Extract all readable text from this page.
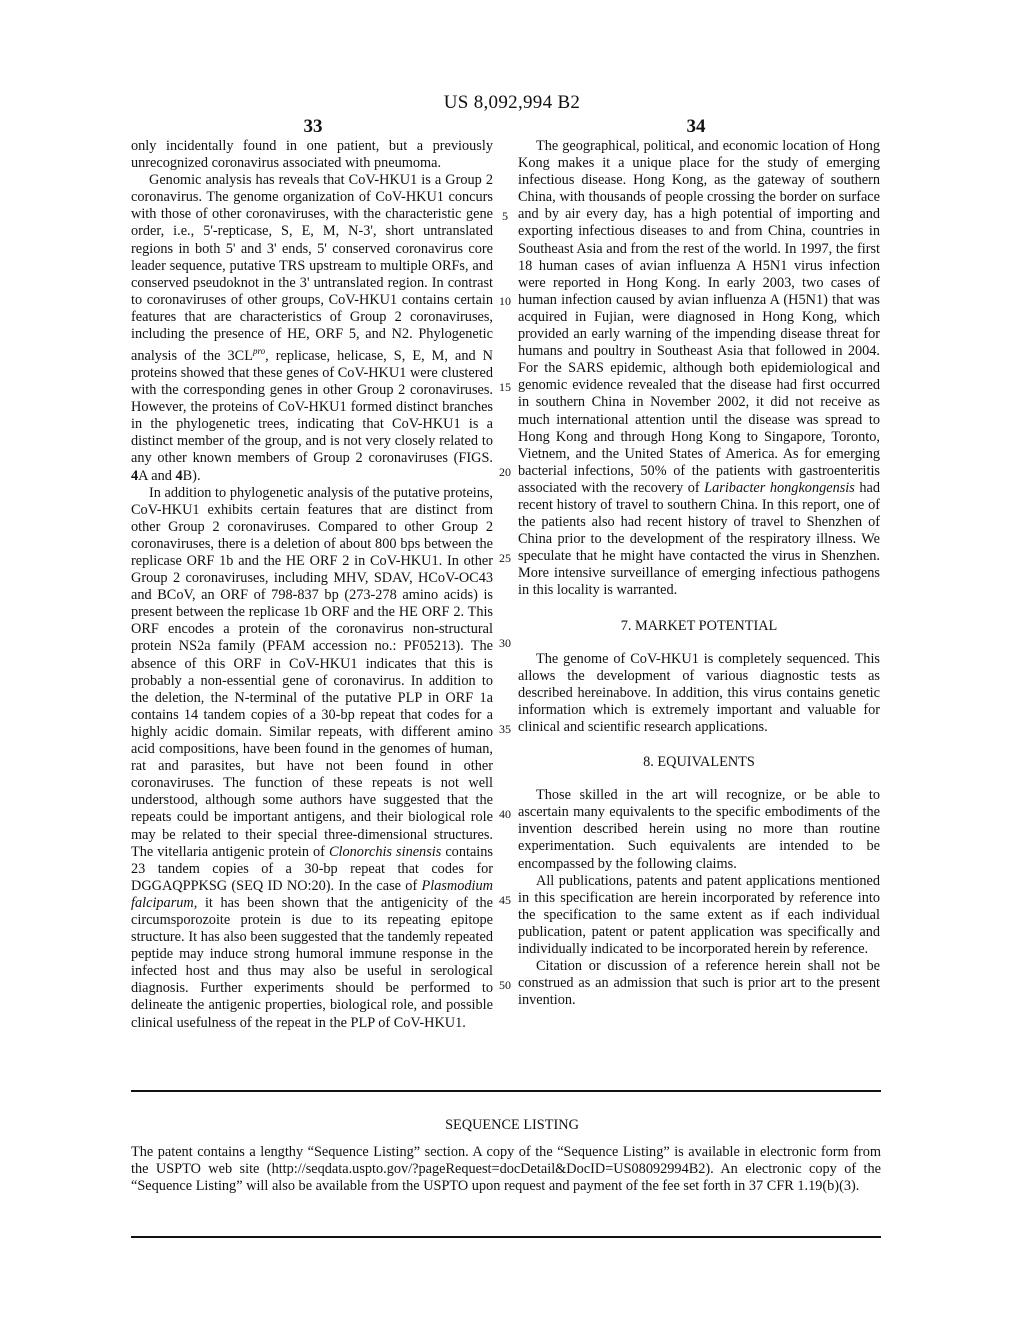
US 8,092,994 B2
33	34

only incidentally found in one patient, but a previously unrecognized coronavirus associated with pneumoma.

Genomic analysis has reveals that CoV-HKU1 is a Group 2 coronavirus. The genome organization of CoV-HKU1 concurs with those of other coronaviruses, with the characteristic gene order, i.e., 5'-repticase, S, E, M, N-3', short untranslated regions in both 5' and 3' ends, 5' conserved coronavirus core leader sequence, putative TRS upstream to multiple ORFs, and conserved pseudoknot in the 3' untranslated region. In contrast to coronaviruses of other groups, CoV-HKU1 contains certain features that are characteristics of Group 2 coronaviruses, including the presence of HE, ORF 5, and N2. Phylogenetic analysis of the $3CL^{pro}$, replicase, helicase, S, E, M, and N proteins showed that these genes of CoV-HKU1 were clustered with the corresponding genes in other Group 2 coronaviruses. However, the proteins of CoV-HKU1 formed distinct branches in the phylogenetic trees, indicating that CoV-HKU1 is a distinct member of the group, and is not very closely related to any other known members of Group 2 coronaviruses (FIGS. 4A and 4B).

In addition to phylogenetic analysis of the putative proteins, CoV-HKU1 exhibits certain features that are distinct from other Group 2 coronaviruses. Compared to other Group 2 coronaviruses, there is a deletion of about 800 bps between the replicase ORF 1b and the HE ORF 2 in CoV-HKU1. In other Group 2 coronaviruses, including MHV, SDAV, HCoV-OC43 and BCoV, an ORF of 798-837 bp (273-278 amino acids) is present between the replicase 1b ORF and the HE ORF 2. This ORF encodes a protein of the coronavirus non-structural protein NS2a family (PFAM accession no.: PF05213). The absence of this ORF in CoV-HKU1 indicates that this is probably a non-essential gene of coronavirus. In addition to the deletion, the N-terminal of the putative PLP in ORF 1a contains 14 tandem copies of a 30-bp repeat that codes for a highly acidic domain. Similar repeats, with different amino acid compositions, have been found in the genomes of human, rat and parasites, but have not been found in other coronaviruses. The function of these repeats is not well understood, although some authors have suggested that the repeats could be important antigens, and their biological role may be related to their special three-dimensional structures. The vitellaria antigenic protein of Clonorchis sinensis contains 23 tandem copies of a 30-bp repeat that codes for DGGAQPPKSG (SEQ ID NO:20). In the case of Plasmodium falciparum, it has been shown that the antigenicity of the circumsporozoite protein is due to its repeating epitope structure. It has also been suggested that the tandemly repeated peptide may induce strong humoral immune response in the infected host and thus may also be useful in serological diagnosis. Further experiments should be performed to delineate the antigenic properties, biological role, and possible clinical usefulness of the repeat in the PLP of CoV-HKU1.

The geographical, political, and economic location of Hong Kong makes it a unique place for the study of emerging infectious disease. Hong Kong, as the gateway of southern China, with thousands of people crossing the border on surface and by air every day, has a high potential of importing and exporting infectious diseases to and from China, countries in Southeast Asia and from the rest of the world. In 1997, the first 18 human cases of avian influenza A H5N1 virus infection were reported in Hong Kong. In early 2003, two cases of human infection caused by avian influenza A (H5N1) that was acquired in Fujian, were diagnosed in Hong Kong, which provided an early warning of the impending disease threat for humans and poultry in Southeast Asia that followed in 2004. For the SARS epidemic, although both epidemiological and genomic evidence revealed that the disease had first occurred in southern China in November 2002, it did not receive as much international attention until the disease was spread to Hong Kong and through Hong Kong to Singapore, Toronto, Vietnem, and the United States of America. As for emerging bacterial infections, 50% of the patients with gastroenteritis associated with the recovery of Laribacter hongkongensis had recent history of travel to southern China. In this report, one of the patients also had recent history of travel to Shenzhen of China prior to the development of the respiratory illness. We speculate that he might have contacted the virus in Shenzhen. More intensive surveillance of emerging infectious pathogens in this locality is warranted.

7. MARKET POTENTIAL

The genome of CoV-HKU1 is completely sequenced. This allows the development of various diagnostic tests as described hereinabove. In addition, this virus contains genetic information which is extremely important and valuable for clinical and scientific research applications.

8. EQUIVALENTS

Those skilled in the art will recognize, or be able to ascertain many equivalents to the specific embodiments of the invention described herein using no more than routine experimentation. Such equivalents are intended to be encompassed by the following claims.

All publications, patents and patent applications mentioned in this specification are herein incorporated by reference into the specification to the same extent as if each individual publication, patent or patent application was specifically and individually indicated to be incorporated herein by reference.

Citation or discussion of a reference herein shall not be construed as an admission that such is prior art to the present invention.

5
10
15
20
25
30
35
40
45
50
SEQUENCE LISTING
The patent contains a lengthy “Sequence Listing” section. A copy of the “Sequence Listing” is available in electronic form from the USPTO web site (http://seqdata.uspto.gov/?pageRequest=docDetail&DocID=US08092994B2). An electronic copy of the “Sequence Listing” will also be available from the USPTO upon request and payment of the fee set forth in 37 CFR 1.19(b)(3).
